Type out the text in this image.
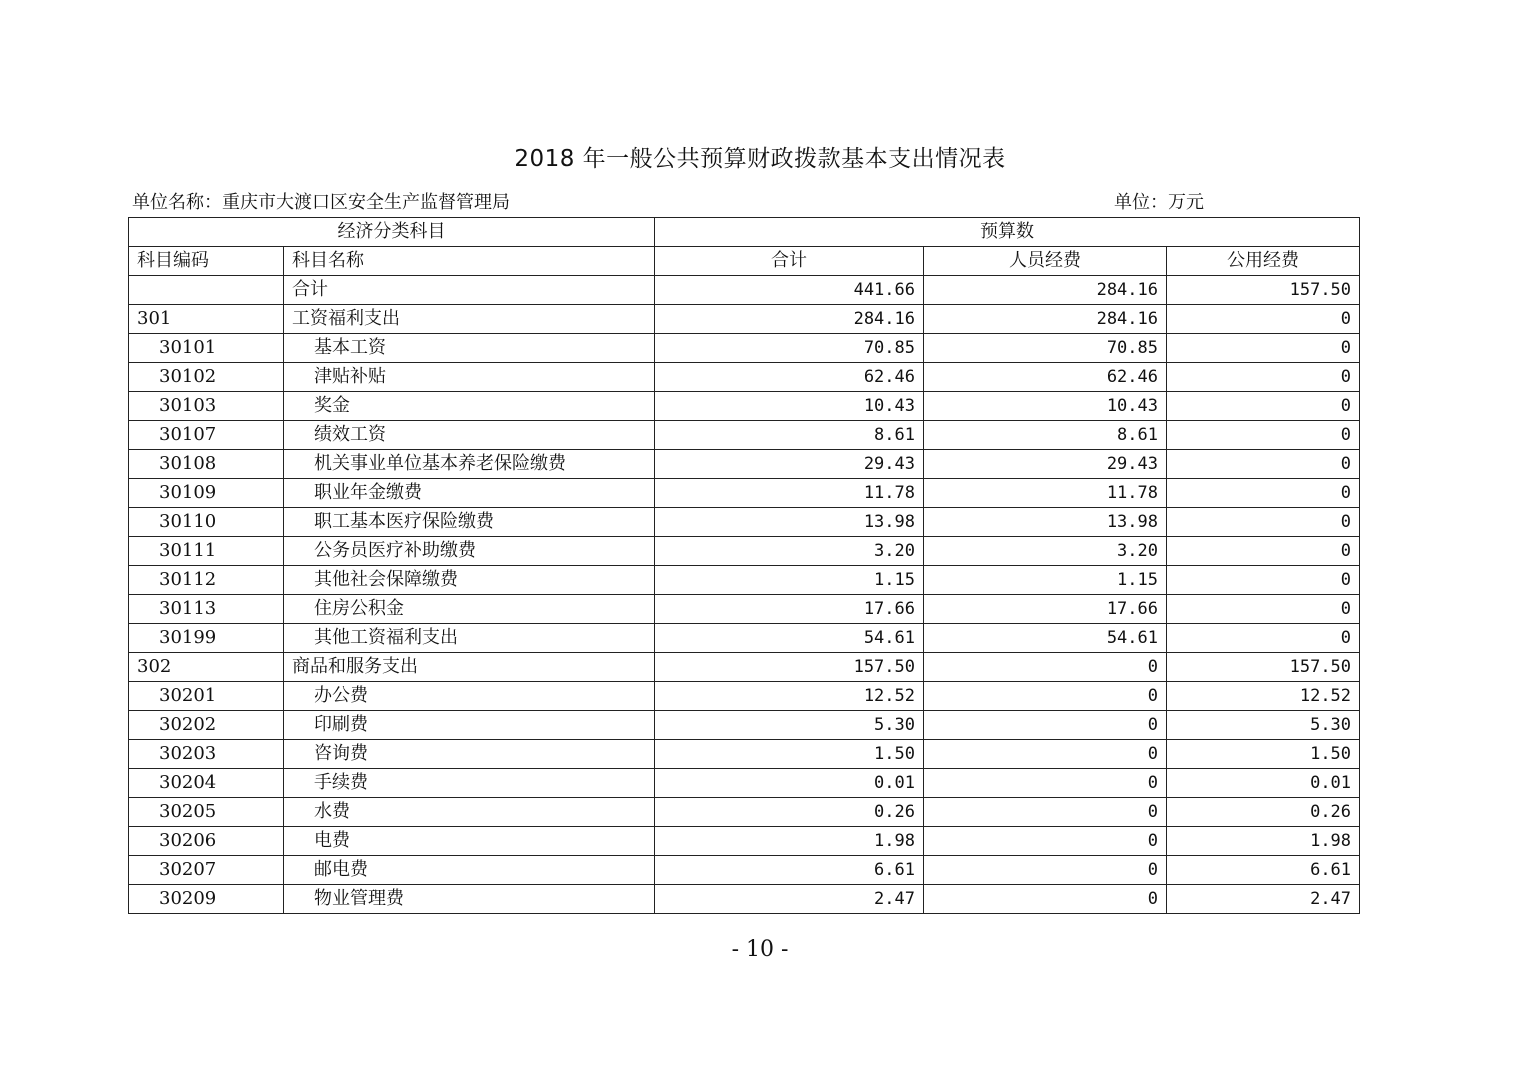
2018 年一般公共预算财政拨款基本支出情况表
单位名称：重庆市大渡口区安全生产监督管理局	单位：万元
经济分类科目		预算数		
科目编码	科目名称	合计	人员经费	公用经费
	合计	441.66	284.16	157.50
301	工资福利支出	284.16	284.16	0
30101	基本工资	70.85	70.85	0
30102	津贴补贴	62.46	62.46	0
30103	奖金	10.43	10.43	0
30107	绩效工资	8.61	8.61	0
30108	机关事业单位基本养老保险缴费	29.43	29.43	0
30109	职业年金缴费	11.78	11.78	0
30110	职工基本医疗保险缴费	13.98	13.98	0
30111	公务员医疗补助缴费	3.20	3.20	0
30112	其他社会保障缴费	1.15	1.15	0
30113	住房公积金	17.66	17.66	0
30199	其他工资福利支出	54.61	54.61	0
302	商品和服务支出	157.50	0	157.50
30201	办公费	12.52	0	12.52
30202	印刷费	5.30	0	5.30
30203	咨询费	1.50	0	1.50
30204	手续费	0.01	0	0.01
30205	水费	0.26	0	0.26
30206	电费	1.98	0	1.98
30207	邮电费	6.61	0	6.61
30209	物业管理费	2.47	0	2.47
- 10 -
